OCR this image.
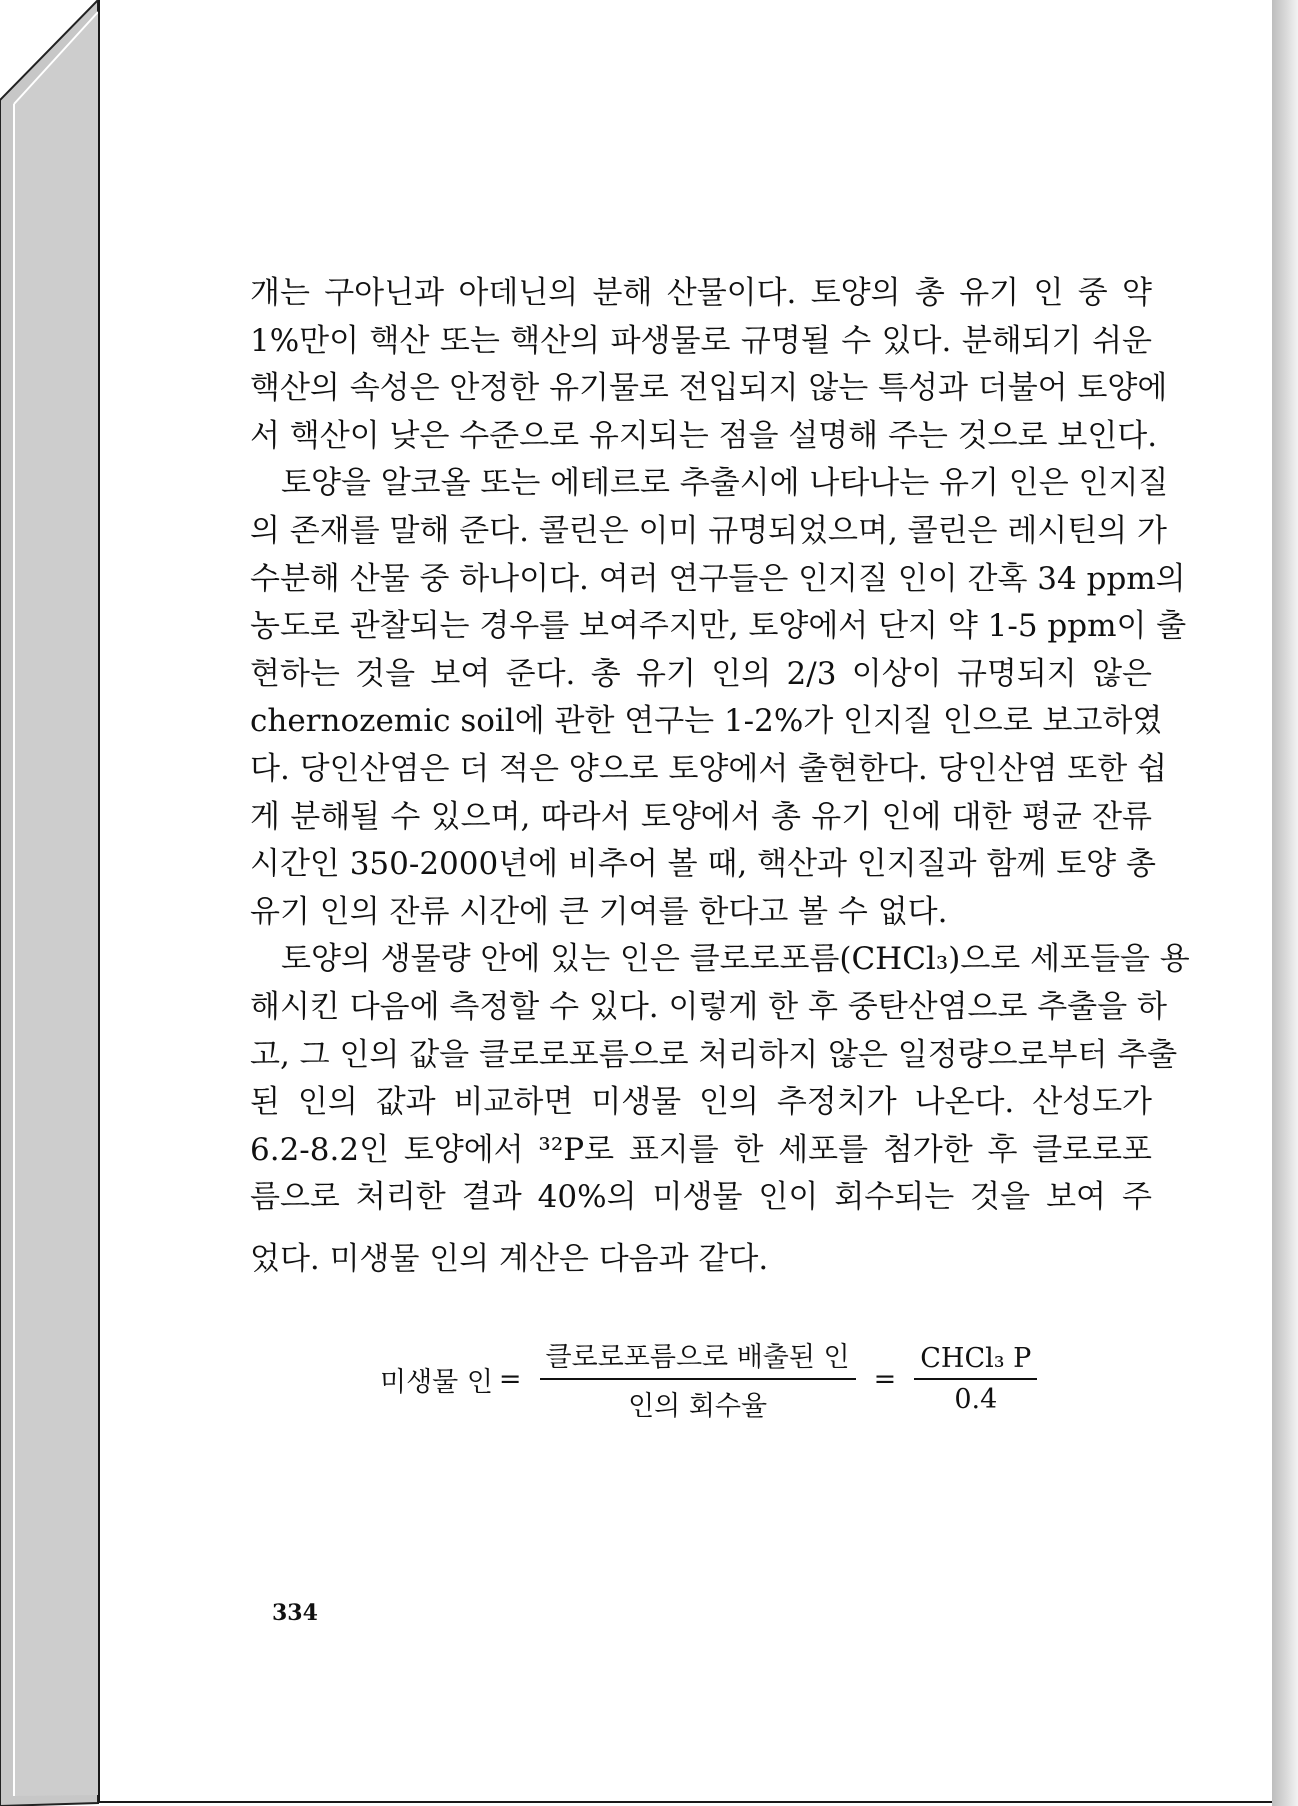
개는 구아닌과 아데닌의 분해 산물이다. 토양의 총 유기 인 중 약
1%만이 핵산 또는 핵산의 파생물로 규명될 수 있다. 분해되기 쉬운
핵산의 속성은 안정한 유기물로 전입되지 않는 특성과 더불어 토양에
서 핵산이 낮은 수준으로 유지되는 점을 설명해 주는 것으로 보인다.
토양을 알코올 또는 에테르로 추출시에 나타나는 유기 인은 인지질
의 존재를 말해 준다. 콜린은 이미 규명되었으며, 콜린은 레시틴의 가
수분해 산물 중 하나이다. 여러 연구들은 인지질 인이 간혹 34 ppm의
농도로 관찰되는 경우를 보여주지만, 토양에서 단지 약 1-5 ppm이 출
현하는 것을 보여 준다. 총 유기 인의 2/3 이상이 규명되지 않은
chernozemic soil에 관한 연구는 1-2%가 인지질 인으로 보고하였
다. 당인산염은 더 적은 양으로 토양에서 출현한다. 당인산염 또한 쉽
게 분해될 수 있으며, 따라서 토양에서 총 유기 인에 대한 평균 잔류
시간인 350-2000년에 비추어 볼 때, 핵산과 인지질과 함께 토양 총
유기 인의 잔류 시간에 큰 기여를 한다고 볼 수 없다.
토양의 생물량 안에 있는 인은 클로로포름(CHCl₃)으로 세포들을 용
해시킨 다음에 측정할 수 있다. 이렇게 한 후 중탄산염으로 추출을 하
고, 그 인의 값을 클로로포름으로 처리하지 않은 일정량으로부터 추출
된 인의 값과 비교하면 미생물 인의 추정치가 나온다. 산성도가
6.2-8.2인 토양에서 ³²P로 표지를 한 세포를 첨가한 후 클로로포
름으로 처리한 결과 40%의 미생물 인이 회수되는 것을 보여 주
었다. 미생물 인의 계산은 다음과 같다.
미생물 인 = $\frac{\text{클로로포름으로 배출된 인}}{\text{인의 회수율}} = \frac{\text{CHCl₃ P}}{0.4}$
334
